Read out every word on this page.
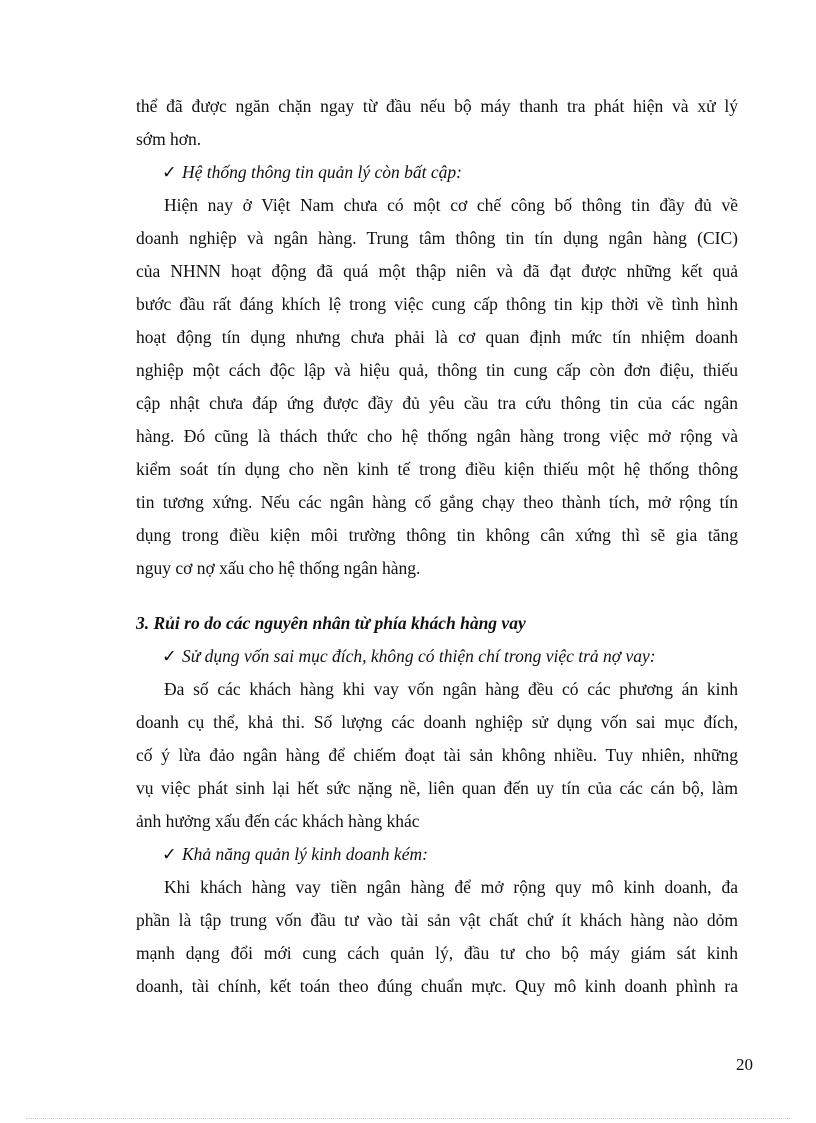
thể đã được ngăn chặn ngay từ đầu nếu bộ máy thanh tra phát hiện và xử lý
sớm hơn.
✓ Hệ thống thông tin quản lý còn bất cập:
Hiện nay ở Việt Nam chưa có một cơ chế công bố thông tin đầy đủ về
doanh nghiệp và ngân hàng. Trung tâm thông tin tín dụng ngân hàng (CIC)
của NHNN hoạt động đã quá một thập niên và đã đạt được những kết quả
bước đầu rất đáng khích lệ trong việc cung cấp thông tin kịp thời về tình hình
hoạt động tín dụng nhưng chưa phải là cơ quan định mức tín nhiệm doanh
nghiệp một cách độc lập và hiệu quả, thông tin cung cấp còn đơn điệu, thiếu
cập nhật chưa đáp ứng được đầy đủ yêu cầu tra cứu thông tin của các ngân
hàng. Đó cũng là thách thức cho hệ thống ngân hàng trong việc mở rộng và
kiểm soát tín dụng cho nền kinh tế trong điều kiện thiếu một hệ thống thông
tin tương xứng. Nếu các ngân hàng cố gắng chạy theo thành tích, mở rộng tín
dụng trong điều kiện môi trường thông tin không cân xứng thì sẽ gia tăng
nguy cơ nợ xấu cho hệ thống ngân hàng.
3. Rủi ro do các nguyên nhân từ phía khách hàng vay
✓ Sử dụng vốn sai mục đích, không có thiện chí trong việc trả nợ vay:
Đa số các khách hàng khi vay vốn ngân hàng đều có các phương án kinh
doanh cụ thể, khả thi. Số lượng các doanh nghiệp sử dụng vốn sai mục đích,
cố ý lừa đảo ngân hàng để chiếm đoạt tài sản không nhiều. Tuy nhiên, những
vụ việc phát sinh lại hết sức nặng nề, liên quan đến uy tín của các cán bộ, làm
ảnh hưởng xấu đến các khách hàng khác
✓ Khả năng quản lý kinh doanh kém:
Khi khách hàng vay tiền ngân hàng để mở rộng quy mô kinh doanh, đa
phần là tập trung vốn đầu tư vào tài sản vật chất chứ ít khách hàng nào dỏm
mạnh dạng đổi mới cung cách quản lý, đầu tư cho bộ máy giám sát kinh
doanh, tài chính, kết toán theo đúng chuẩn mực. Quy mô kinh doanh phình ra
20
